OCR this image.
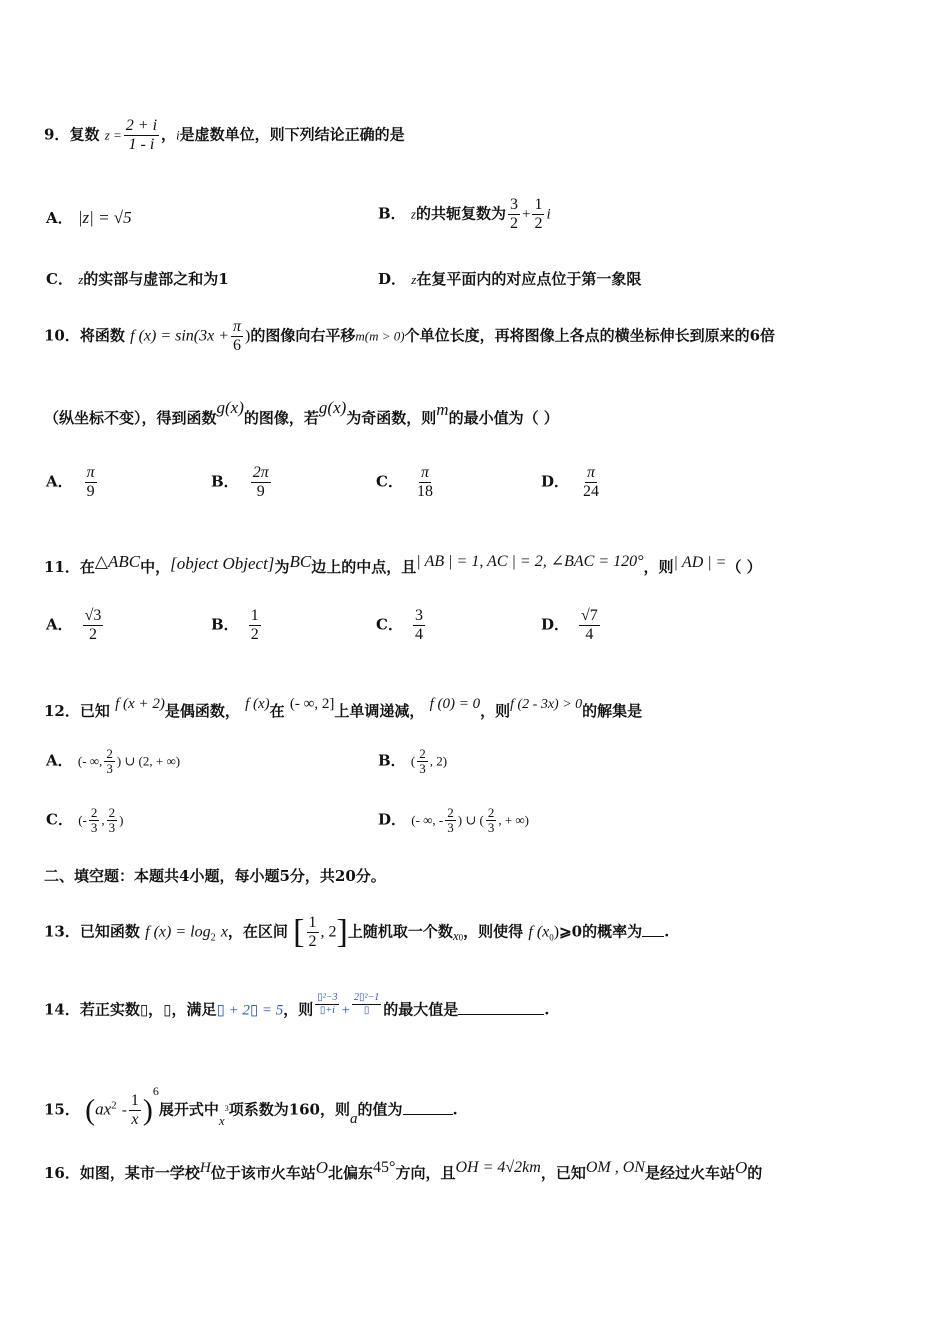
9．复数 $z = \frac{2 + i}{1 - i}$ ，i是虚数单位，则下列结论正确的是
A． |z| = √5	B． z的共轭复数为 $\frac{3}{2} + \frac{1}{2}$ i
C． z的实部与虚部之和为1	D． z在复平面内的对应点位于第一象限
10．将函数 f $(x) = \sin(3x + \frac{\pi}{6}$ )的图像向右平移m(m > 0)个单位长度，再将图像上各点的横坐标伸长到原来的6倍
（纵坐标不变），得到函数g(x)的图像，若g(x)为奇函数，则m的最小值为（ ）
A． $\frac{\pi}{9}$	B． $\frac{2\pi}{9}$	C． $\frac{\pi}{18}$	D． $\frac{\pi}{24}$
11．在△ABC中，[object Object]为BC边上的中点，且| AB | = 1, AC | = 2, ∠BAC = 120°，则| AD | =（ ）
A． $\frac{√3}{2}$	B． $\frac{1}{2}$	C． $\frac{3}{4}$	D． $\frac{√7}{4}$
12．已知 f (x + 2)是偶函数， f (x)在 (- ∞, 2]上单调递减， f (0) = 0，则f (2 - 3x) > 0的解集是
A． (- ∞, $\frac{2}{3}$ ) ∪ (2, + ∞)	B． ( $\frac{2}{3}$ , 2)
C． (- $\frac{2}{3}$ , $\frac{2}{3}$ )	D． (- ∞, - $\frac{2}{3}$ ) ∪ ( $\frac{2}{3}$ , + ∞)
二、填空题：本题共4小题，每小题5分，共20分。
13．已知函数 f $(x) = \log_2 x$，在区间 [ $\frac{1}{2}$ , 2]上随机取一个数$x_0$，则使得 f $(x_0)⩾0$的概率为 .
14．若正实数▯，▯，满足▯ + 2▯ = 5，则 $\frac{\text{▯²−3}}{▯+i} + \frac{\text{2▯²−1}}{▯}$ 的最大值是	.
15． $(ax^2 - \frac{1}{x} )^6$展开式中$x^3$项系数为160，则a的值为	.
16．如图，某市一学校H位于该市火车站O北偏东45°方向，且OH = 4√2km，已知OM , ON是经过火车站O的
